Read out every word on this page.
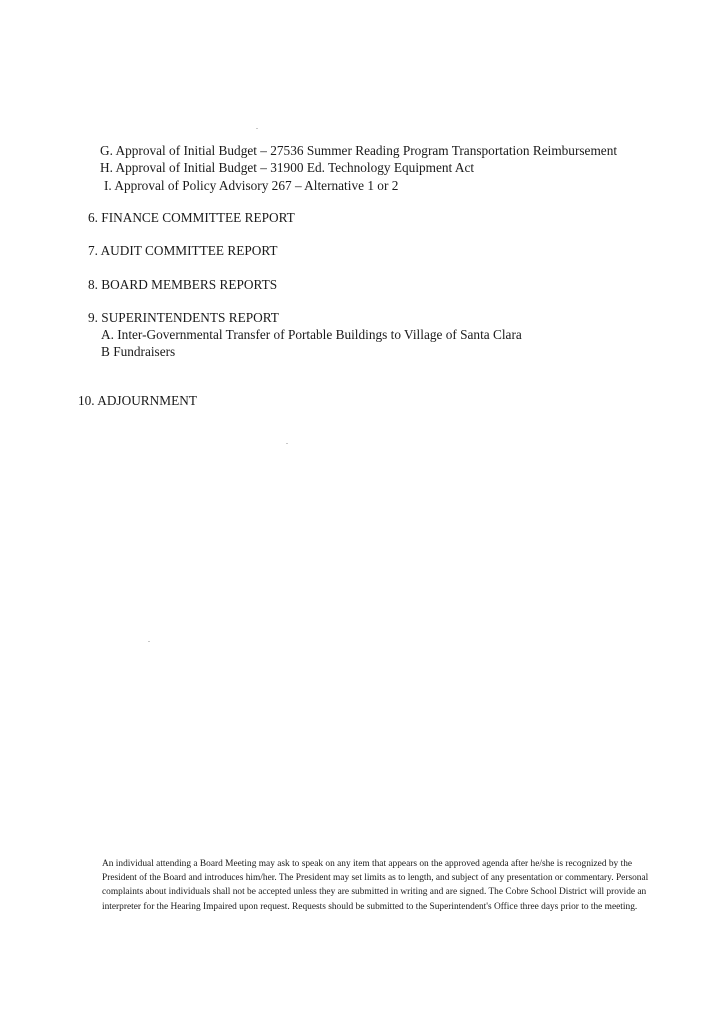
G. Approval of Initial Budget – 27536 Summer Reading Program Transportation Reimbursement
H. Approval of Initial Budget – 31900 Ed. Technology Equipment Act
I. Approval of Policy Advisory 267 – Alternative 1 or 2
6. FINANCE COMMITTEE REPORT
7. AUDIT COMMITTEE REPORT
8. BOARD MEMBERS REPORTS
9. SUPERINTENDENTS REPORT
A. Inter-Governmental Transfer of Portable Buildings to Village of Santa Clara
B Fundraisers
10. ADJOURNMENT

An individual attending a Board Meeting may ask to speak on any item that appears on the approved agenda after he/she is recognized by the President of the Board and introduces him/her. The President may set limits as to length, and subject of any presentation or commentary. Personal complaints about individuals shall not be accepted unless they are submitted in writing and are signed. The Cobre School District will provide an interpreter for the Hearing Impaired upon request. Requests should be submitted to the Superintendent's Office three days prior to the meeting.
